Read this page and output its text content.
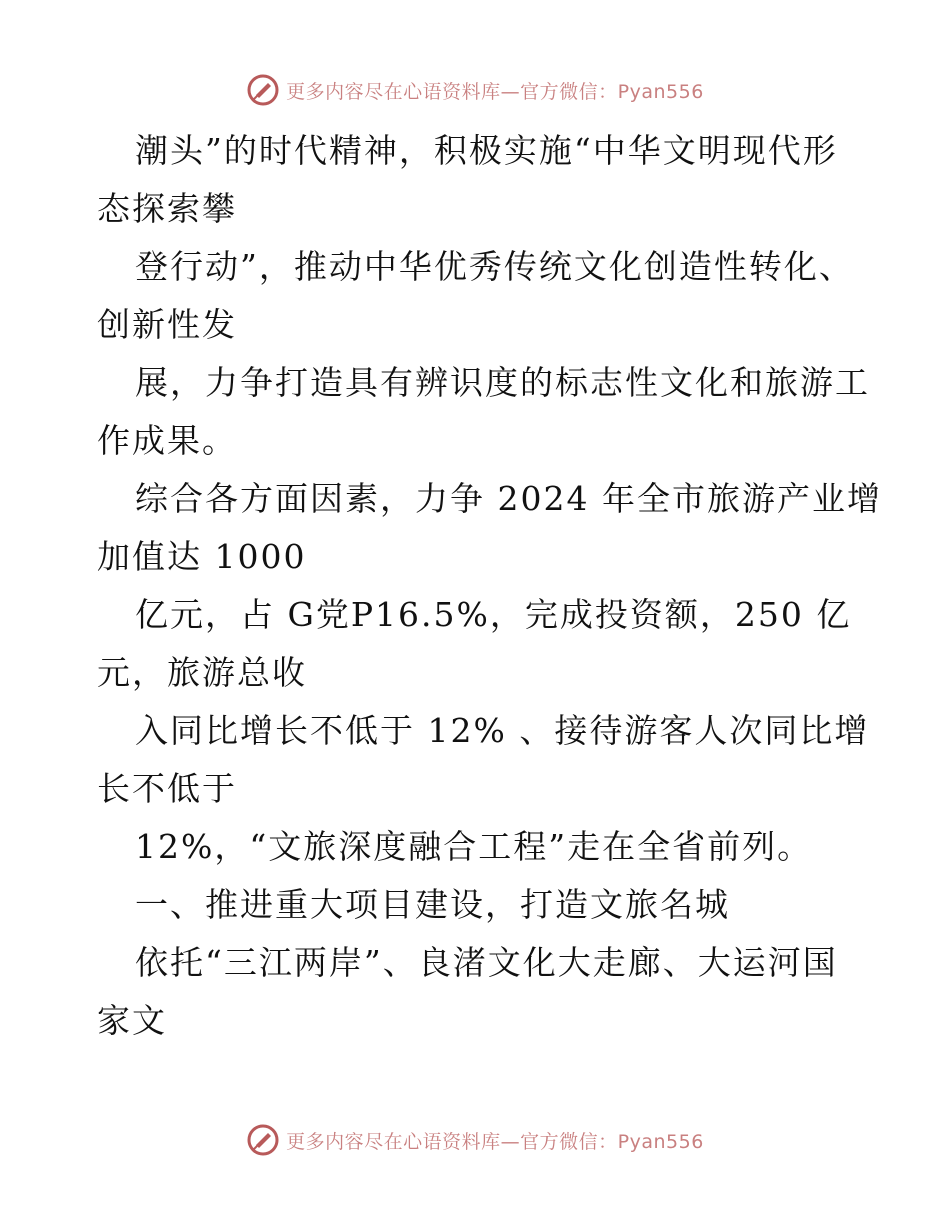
更多内容尽在心语资料库—官方微信：Pyan556
潮头”的时代精神，积极实施“中华文明现代形
态探索攀
登行动”，推动中华优秀传统文化创造性转化、
创新性发
展，力争打造具有辨识度的标志性文化和旅游工
作成果。
综合各方面因素，力争 2024 年全市旅游产业增
加值达 1000
亿元，占 G党P16.5%，完成投资额，250 亿
元，旅游总收
入同比增长不低于 12% 、接待游客人次同比增
长不低于
12%，“文旅深度融合工程”走在全省前列。
一、推进重大项目建设，打造文旅名城
依托“三江两岸”、良渚文化大走廊、大运河国
家文
更多内容尽在心语资料库—官方微信：Pyan556
